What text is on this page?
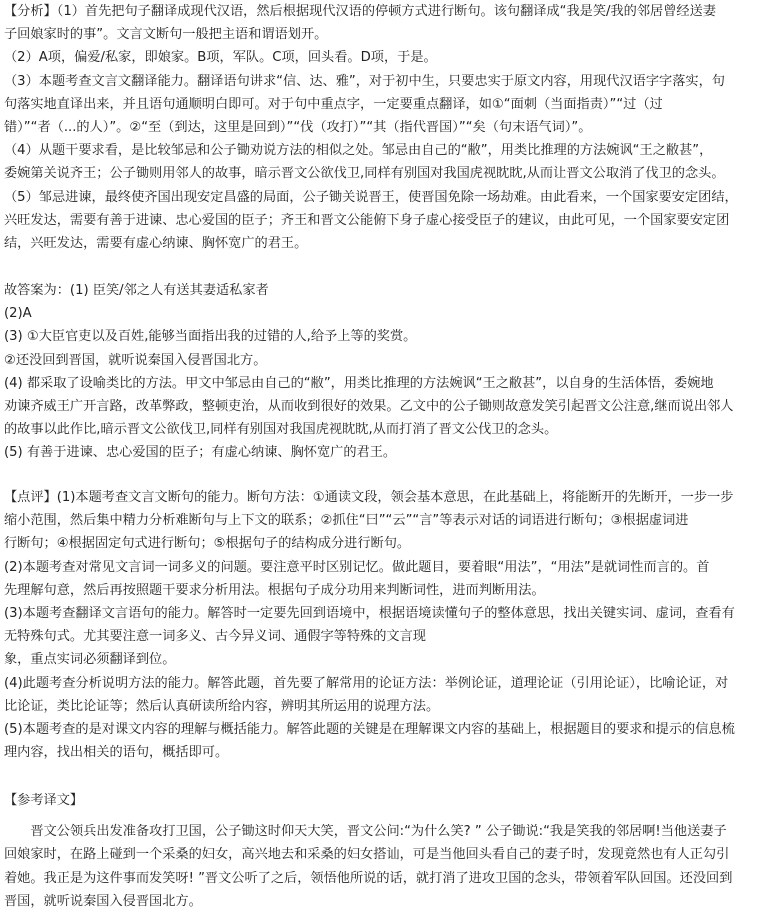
【分析】（1）首先把句子翻译成现代汉语，然后根据现代汉语的停顿方式进行断句。该句翻译成“我是笑/我的邻居曾经送妻
子回娘家时的事”。文言文断句一般把主语和谓语划开。
（2）A项，偏爱/私家，即娘家。B项，军队。C项，回头看。D项，于是。
（3）本题考查文言文翻译能力。翻译语句讲求“信、达、雅”，对于初中生，只要忠实于原文内容，用现代汉语字字落实，句
句落实地直译出来，并且语句通顺明白即可。对于句中重点字，一定要重点翻译，如①“面刺（当面指责）”“过（过
错）”“者（...的人）”。②“至（到达，这里是回到）”“伐（攻打）”“其（指代晋国）”“矣（句末语气词）”。
（4）从题干要求看，是比较邹忌和公子锄劝说方法的相似之处。邹忌由自己的“敝”，用类比推理的方法婉讽“王之敝甚”，
委婉第关说齐王；公子锄则用邻人的故事，暗示晋文公欲伐卫,同样有别国对我国虎视眈眈,从而让晋文公取消了伐卫的念头。
（5）邹忌进谏，最终使齐国出现安定昌盛的局面，公子锄关说晋王，使晋国免除一场劫难。由此看来，一个国家要安定团结，
兴旺发达，需要有善于进谏、忠心爱国的臣子；齐王和晋文公能俯下身子虚心接受臣子的建议，由此可见，一个国家要安定团
结，兴旺发达，需要有虚心纳谏、胸怀宽广的君王。
故答案为：(1) 臣笑/邻之人有送其妻适私家者
(2)A
(3) ①大臣官吏以及百姓,能够当面指出我的过错的人,给予上等的奖赏。
②还没回到晋国，就听说秦国入侵晋国北方。
(4) 都采取了设喻类比的方法。甲文中邹忌由自己的“敝”，用类比推理的方法婉讽“王之敝甚”，以自身的生活体悟，委婉地
劝谏齐威王广开言路，改革弊政，整顿吏治，从而收到很好的效果。乙文中的公子锄则故意发笑引起晋文公注意,继而说出邻人
的故事以此作比,暗示晋文公欲伐卫,同样有别国对我国虎视眈眈,从而打消了晋文公伐卫的念头。
(5) 有善于进谏、忠心爱国的臣子；有虚心纳谏、胸怀宽广的君王。
【点评】(1)本题考查文言文断句的能力。断句方法：①通读文段，领会基本意思，在此基础上，将能断开的先断开，一步一步
缩小范围，然后集中精力分析难断句与上下文的联系；②抓住“曰”“云”“言”等表示对话的词语进行断句；③根据虚词进
行断句；④根据固定句式进行断句；⑤根据句子的结构成分进行断句。
(2)本题考查对常见文言词一词多义的问题。要注意平时区别记忆。做此题目，要着眼“用法”，“用法”是就词性而言的。首
先理解句意，然后再按照题干要求分析用法。根据句子成分功用来判断词性，进而判断用法。
(3)本题考查翻译文言语句的能力。解答时一定要先回到语境中，根据语境读懂句子的整体意思，找出关键实词、虚词，查看有
无特殊句式。尤其要注意一词多义、古今异义词、通假字等特殊的文言现
象，重点实词必须翻译到位。
(4)此题考查分析说明方法的能力。解答此题，首先要了解常用的论证方法：举例论证，道理论证（引用论证），比喻论证，对
比论证，类比论证等；然后认真研读所给内容，辨明其所运用的说理方法。
(5)本题考查的是对课文内容的理解与概括能力。解答此题的关键是在理解课文内容的基础上，根据题目的要求和提示的信息梳
理内容，找出相关的语句，概括即可。
【参考译文】
晋文公领兵出发准备攻打卫国，公子锄这时仰天大笑，晋文公问:“为什么笑? ” 公子锄说:“我是笑我的邻居啊!当他送妻子
回娘家时，在路上碰到一个采桑的妇女，高兴地去和采桑的妇女搭讪，可是当他回头看自己的妻子时，发现竟然也有人正勾引
着她。我正是为这件事而发笑呀! ”晋文公听了之后，领悟他所说的话，就打消了进攻卫国的念头，带领着军队回国。还没回到
晋国，就听说秦国入侵晋国北方。
